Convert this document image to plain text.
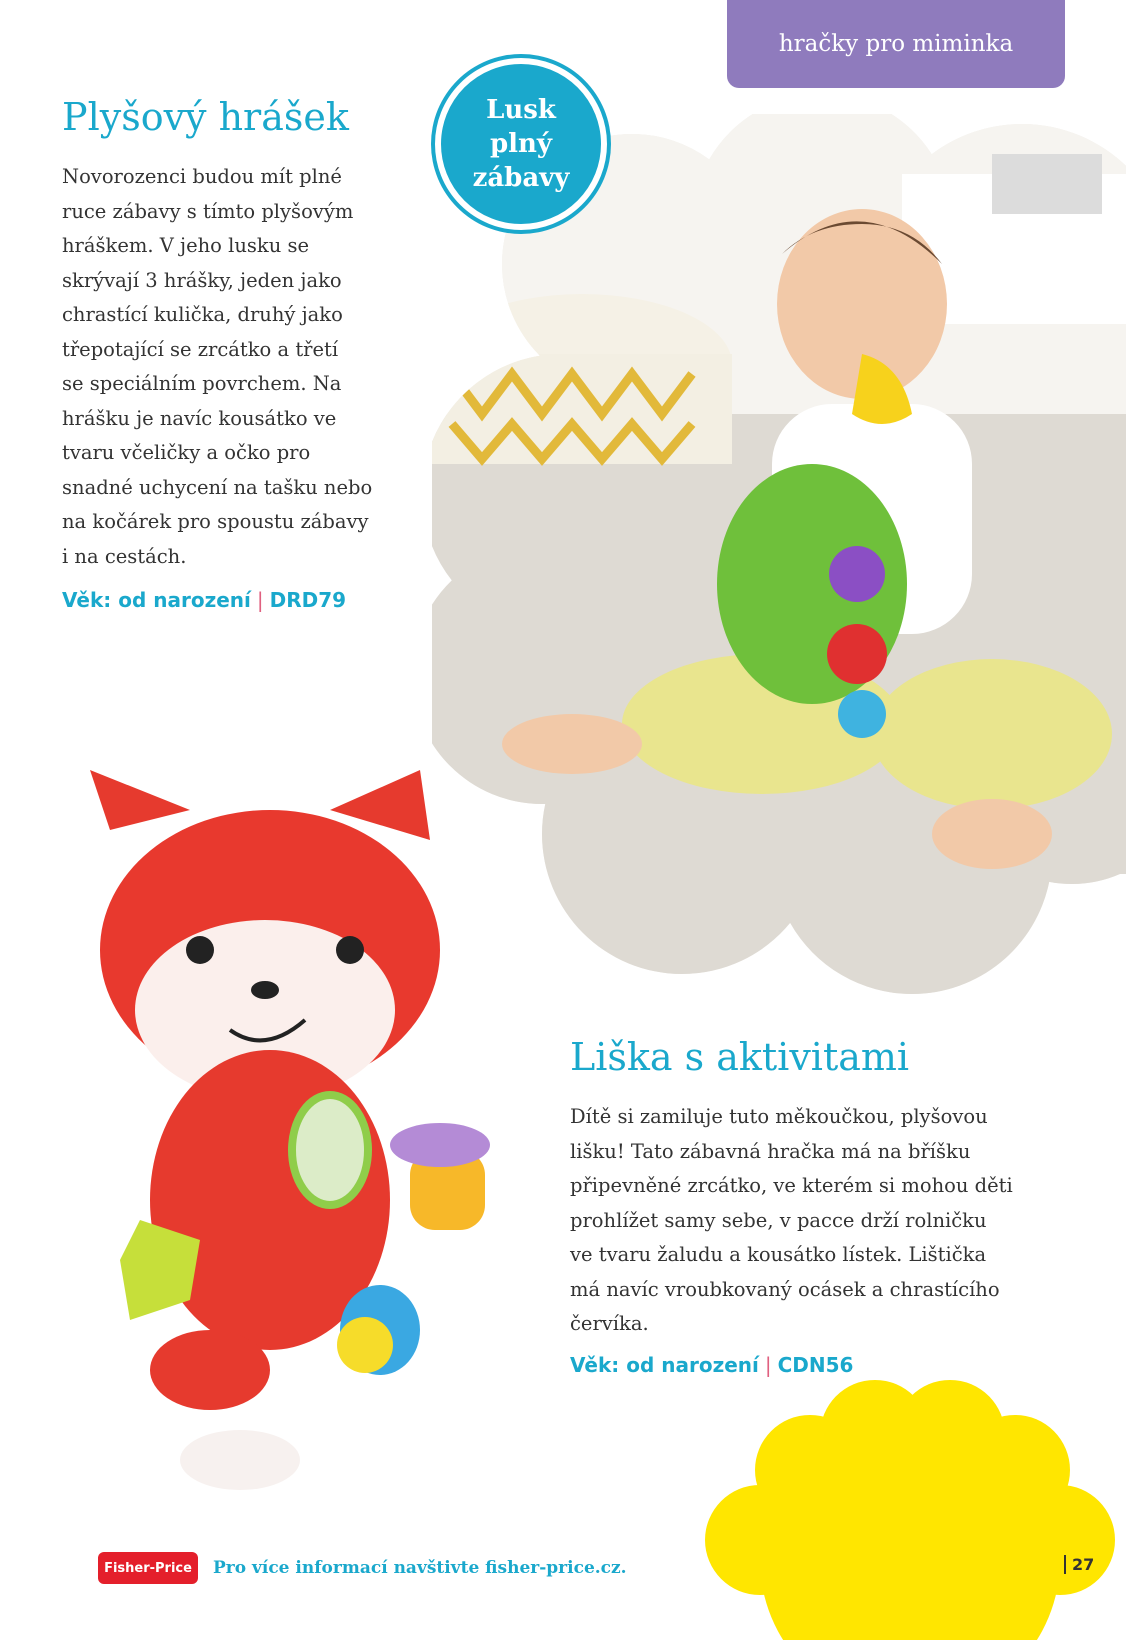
hračky pro miminka
Lusk
plný
zábavy
Plyšový hrášek
Novorozenci budou mít plné
ruce zábavy s tímto plyšovým
hráškem. V jeho lusku se
skrývají 3 hrášky, jeden jako
chrastící kulička, druhý jako
třepotající se zrcátko a třetí
se speciálním povrchem. Na
hrášku je navíc kousátko ve
tvaru včeličky a očko pro
snadné uchycení na tašku nebo
na kočárek pro spoustu zábavy
i na cestách.
Věk: od narození | DRD79
Liška s aktivitami
Dítě si zamiluje tuto měkoučkou, plyšovou
lišku! Tato zábavná hračka má na bříšku
připevněné zrcátko, ve kterém si mohou děti
prohlížet samy sebe, v pacce drží rolničku
ve tvaru žaludu a kousátko lístek. Lištička
má navíc vroubkovaný ocásek a chrastícího
červíka.
Věk: od narození | CDN56
Fisher-Price	Pro více informací navštivte fisher-price.cz.	27
